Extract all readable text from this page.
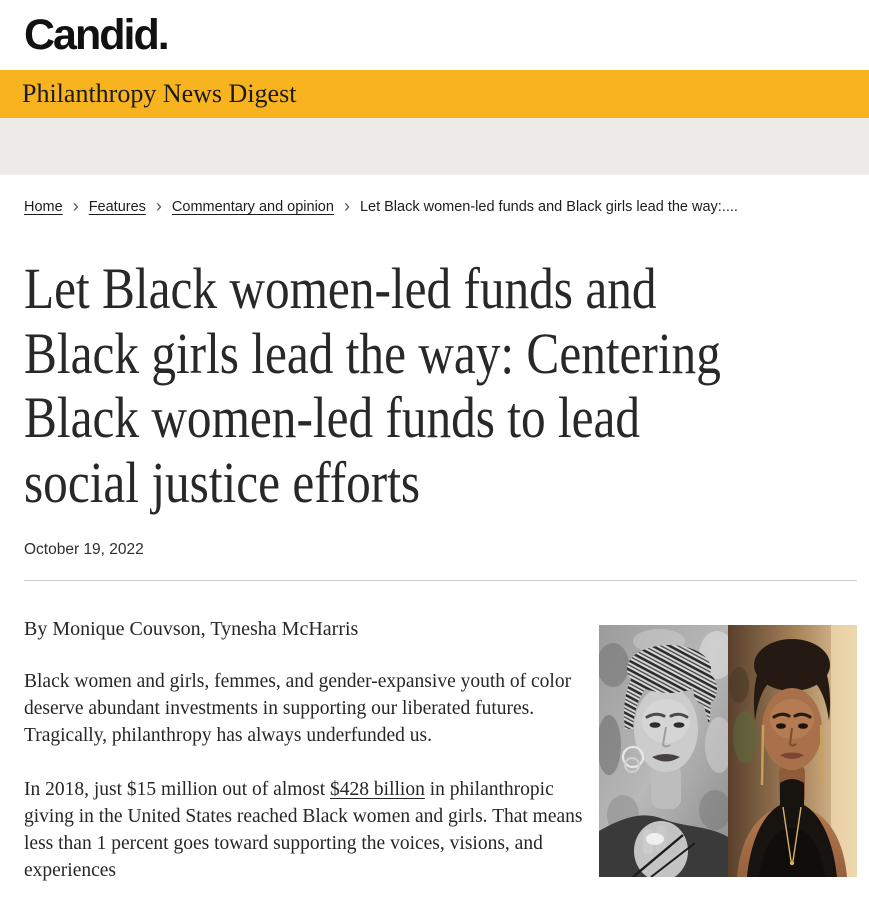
Candid.
Philanthropy News Digest
Home › Features › Commentary and opinion › Let Black women-led funds and Black girls lead the way:....
Let Black women-led funds and
Black girls lead the way: Centering
Black women-led funds to lead
social justice efforts
October 19, 2022
By Monique Couvson, Tynesha McHarris

Black women and girls, femmes, and gender-expansive youth of color deserve abundant investments in supporting our liberated futures. Tragically, philanthropy has always underfunded us.

In 2018, just $15 million out of almost $428 billion in philanthropic giving in the United States reached Black women and girls. That means less than 1 percent goes toward supporting the voices, visions, and experiences
